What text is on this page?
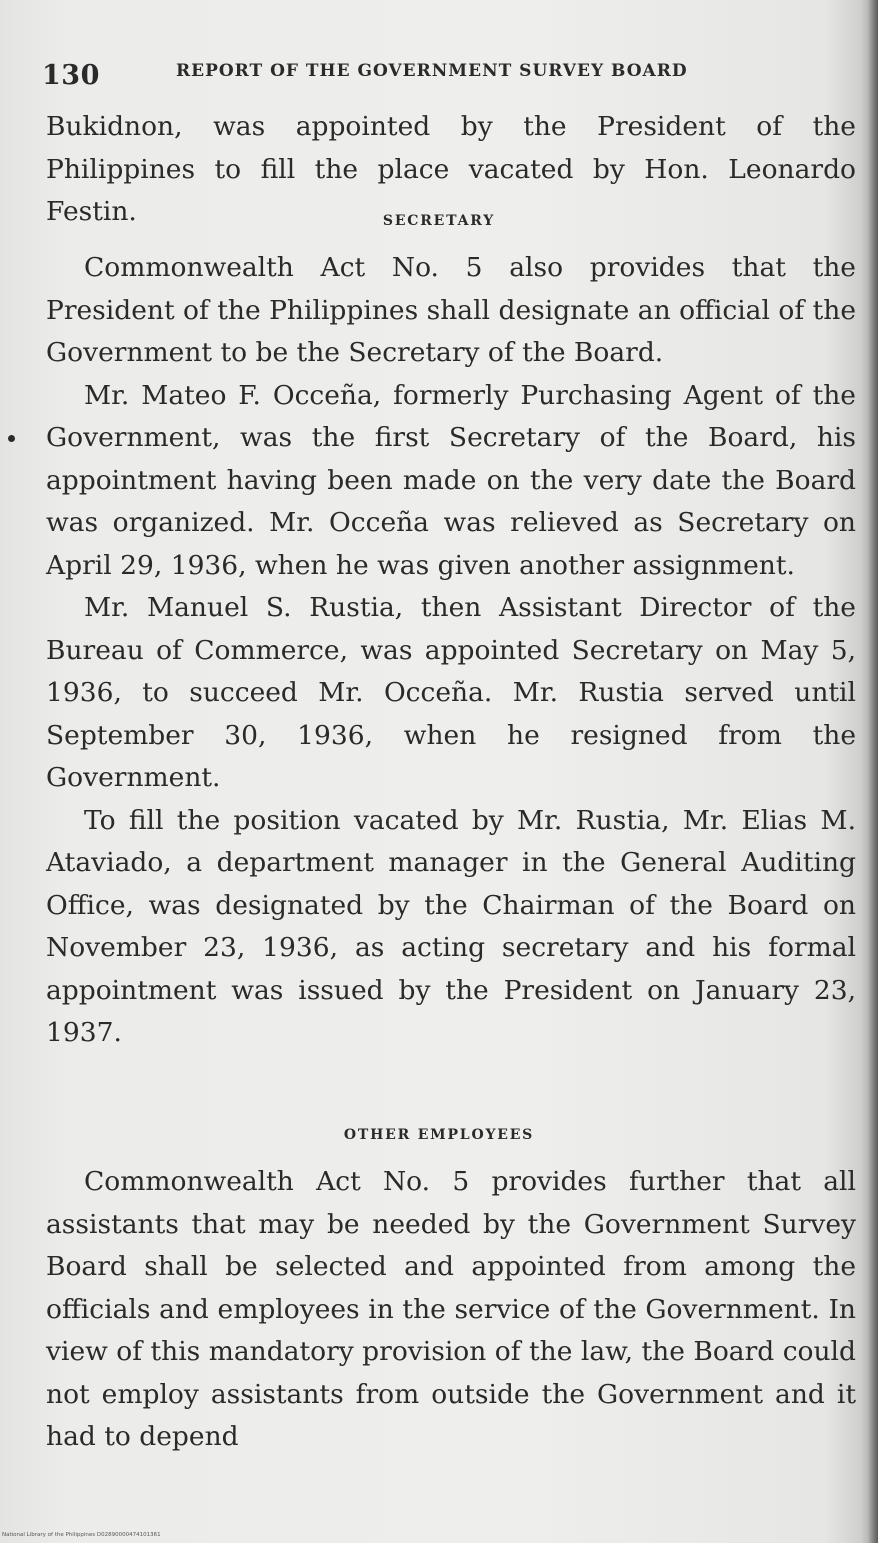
130	REPORT OF THE GOVERNMENT SURVEY BOARD

Bukidnon, was appointed by the President of the Philippines to fill the place vacated by Hon. Leonardo Festin.	SECRETARY

Commonwealth Act No. 5 also provides that the President of the Philippines shall designate an official of the Government to be the Secretary of the Board.

Mr. Mateo F. Occeña, formerly Purchasing Agent of the Government, was the first Secretary of the Board, his appointment having been made on the very date the Board was organized. Mr. Occeña was relieved as Secretary on April 29, 1936, when he was given another assignment.

Mr. Manuel S. Rustia, then Assistant Director of the Bureau of Commerce, was appointed Secretary on May 5, 1936, to succeed Mr. Occeña. Mr. Rustia served until September 30, 1936, when he resigned from the Government.

To fill the position vacated by Mr. Rustia, Mr. Elias M. Ataviado, a department manager in the General Auditing Office, was designated by the Chairman of the Board on November 23, 1936, as acting secretary and his formal appointment was issued by the President on January 23, 1937.

OTHER EMPLOYEES

Commonwealth Act No. 5 provides further that all assistants that may be needed by the Government Survey Board shall be selected and appointed from among the officials and employees in the service of the Government. In view of this mandatory provision of the law, the Board could not employ assistants from outside the Government and it had to depend

National Library of the Philippines D02890000474101361
